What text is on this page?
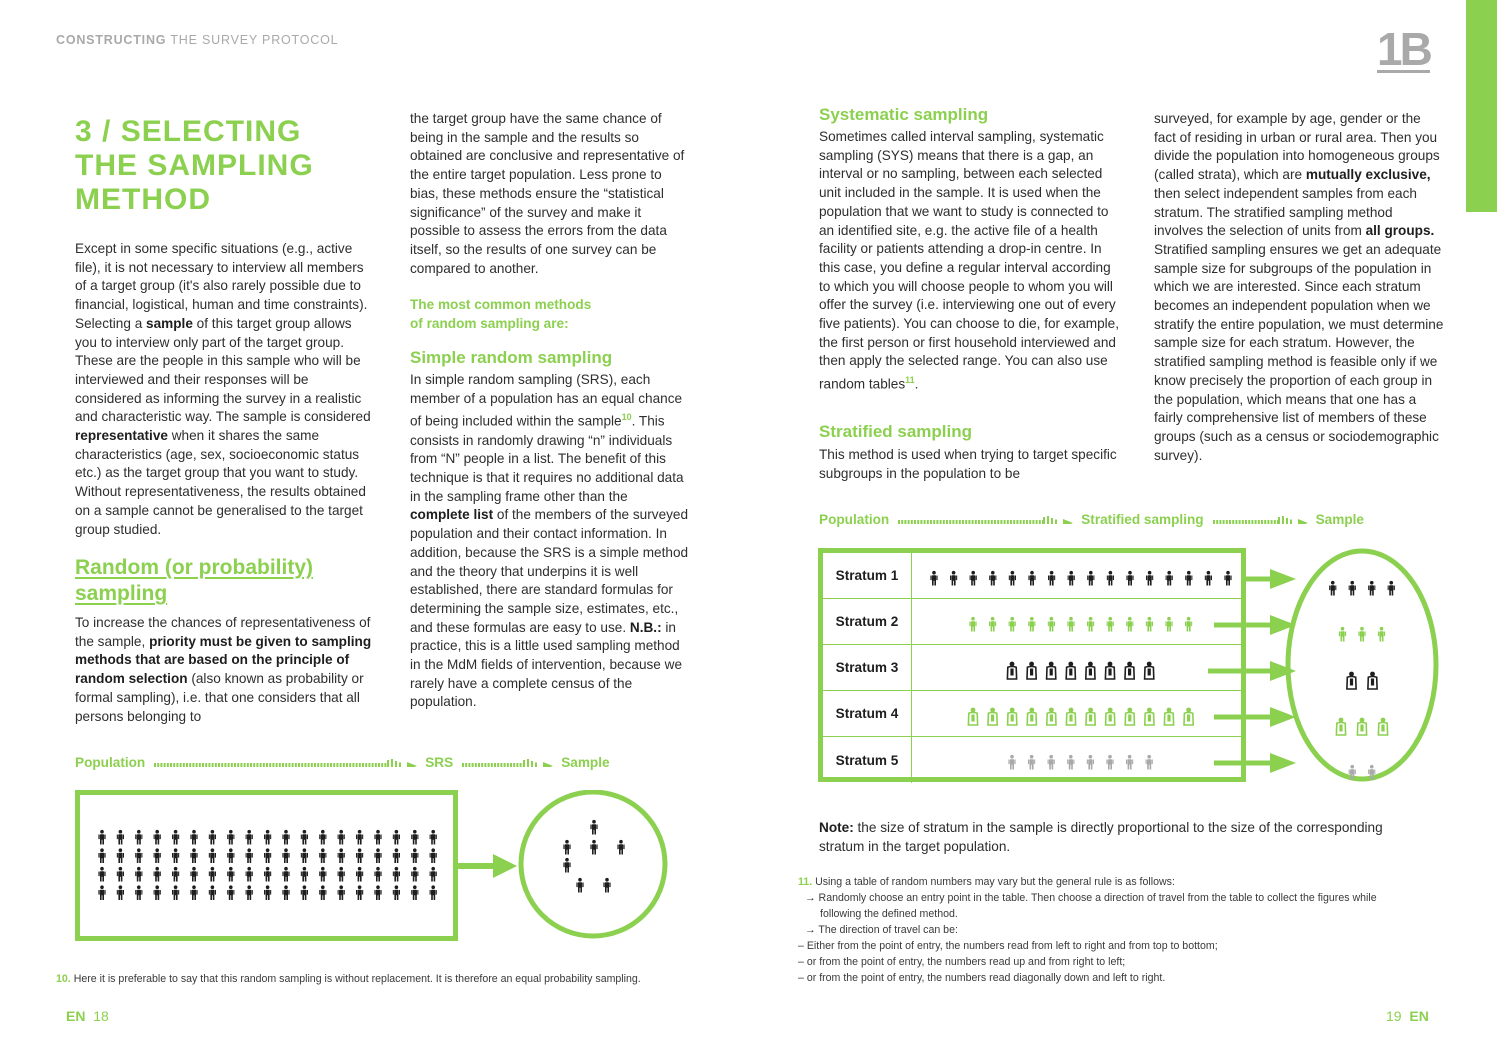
CONSTRUCTING THE SURVEY PROTOCOL	1B
3 / SELECTING
THE SAMPLING
METHOD
Except in some specific situations (e.g., active file), it is not necessary to interview all members of a target group (it's also rarely possible due to financial, logistical, human and time constraints). Selecting a sample of this target group allows you to interview only part of the target group. These are the people in this sample who will be interviewed and their responses will be considered as informing the survey in a realistic and characteristic way. The sample is considered representative when it shares the same characteristics (age, sex, socioeconomic status etc.) as the target group that you want to study. Without representativeness, the results obtained on a sample cannot be generalised to the target group studied.
Random (or probability)
sampling
To increase the chances of representativeness of the sample, priority must be given to sampling methods that are based on the principle of random selection (also known as probability or formal sampling), i.e. that one considers that all persons belonging to
the target group have the same chance of being in the sample and the results so obtained are conclusive and representative of the entire target population. Less prone to bias, these methods ensure the “statistical significance” of the survey and make it possible to assess the errors from the data itself, so the results of one survey can be compared to another.
The most common methods
of random sampling are:
Simple random sampling
In simple random sampling (SRS), each member of a population has an equal chance of being included within the sample$^{10}$. This consists in randomly drawing “n” individuals from “N” people in a list. The benefit of this technique is that it requires no additional data in the sampling frame other than the complete list of the members of the surveyed population and their contact information. In addition, because the SRS is a simple method and the theory that underpins it is well established, there are standard formulas for determining the sample size, estimates, etc., and these formulas are easy to use. N.B.: in practice, this is a little used sampling method in the MdM fields of intervention, because we rarely have a complete census of the population.
Population	SRS	Sample
10. Here it is preferable to say that this random sampling is without replacement. It is therefore an equal probability sampling.
EN 18
Systematic sampling
Sometimes called interval sampling, systematic sampling (SYS) means that there is a gap, an interval or no sampling, between each selected unit included in the sample. It is used when the population that we want to study is connected to an identified site, e.g. the active file of a health facility or patients attending a drop-in centre. In this case, you define a regular interval according to which you will choose people to whom you will offer the survey (i.e. interviewing one out of every five patients). You can choose to die, for example, the first person or first household interviewed and then apply the selected range. You can also use random tables$^{11}$.
Stratified sampling
This method is used when trying to target specific subgroups in the population to be
surveyed, for example by age, gender or the fact of residing in urban or rural area. Then you divide the population into homogeneous groups (called strata), which are mutually exclusive, then select independent samples from each stratum. The stratified sampling method involves the selection of units from all groups. Stratified sampling ensures we get an adequate sample size for subgroups of the population in which we are interested. Since each stratum becomes an independent population when we stratify the entire population, we must determine sample size for each stratum. However, the stratified sampling method is feasible only if we know precisely the proportion of each group in the population, which means that one has a fairly comprehensive list of members of these groups (such as a census or sociodemographic survey).
Population	Stratified sampling	Sample
Stratum 1
Stratum 2
Stratum 3
Stratum 4
Stratum 5
Note: the size of stratum in the sample is directly proportional to the size of the corresponding stratum in the target population.
11. Using a table of random numbers may vary but the general rule is as follows:
→ Randomly choose an entry point in the table. Then choose a direction of travel from the table to collect the figures while
following the defined method.
→ The direction of travel can be:
– Either from the point of entry, the numbers read from left to right and from top to bottom;
– or from the point of entry, the numbers read up and from right to left;
– or from the point of entry, the numbers read diagonally down and left to right.
19 EN
